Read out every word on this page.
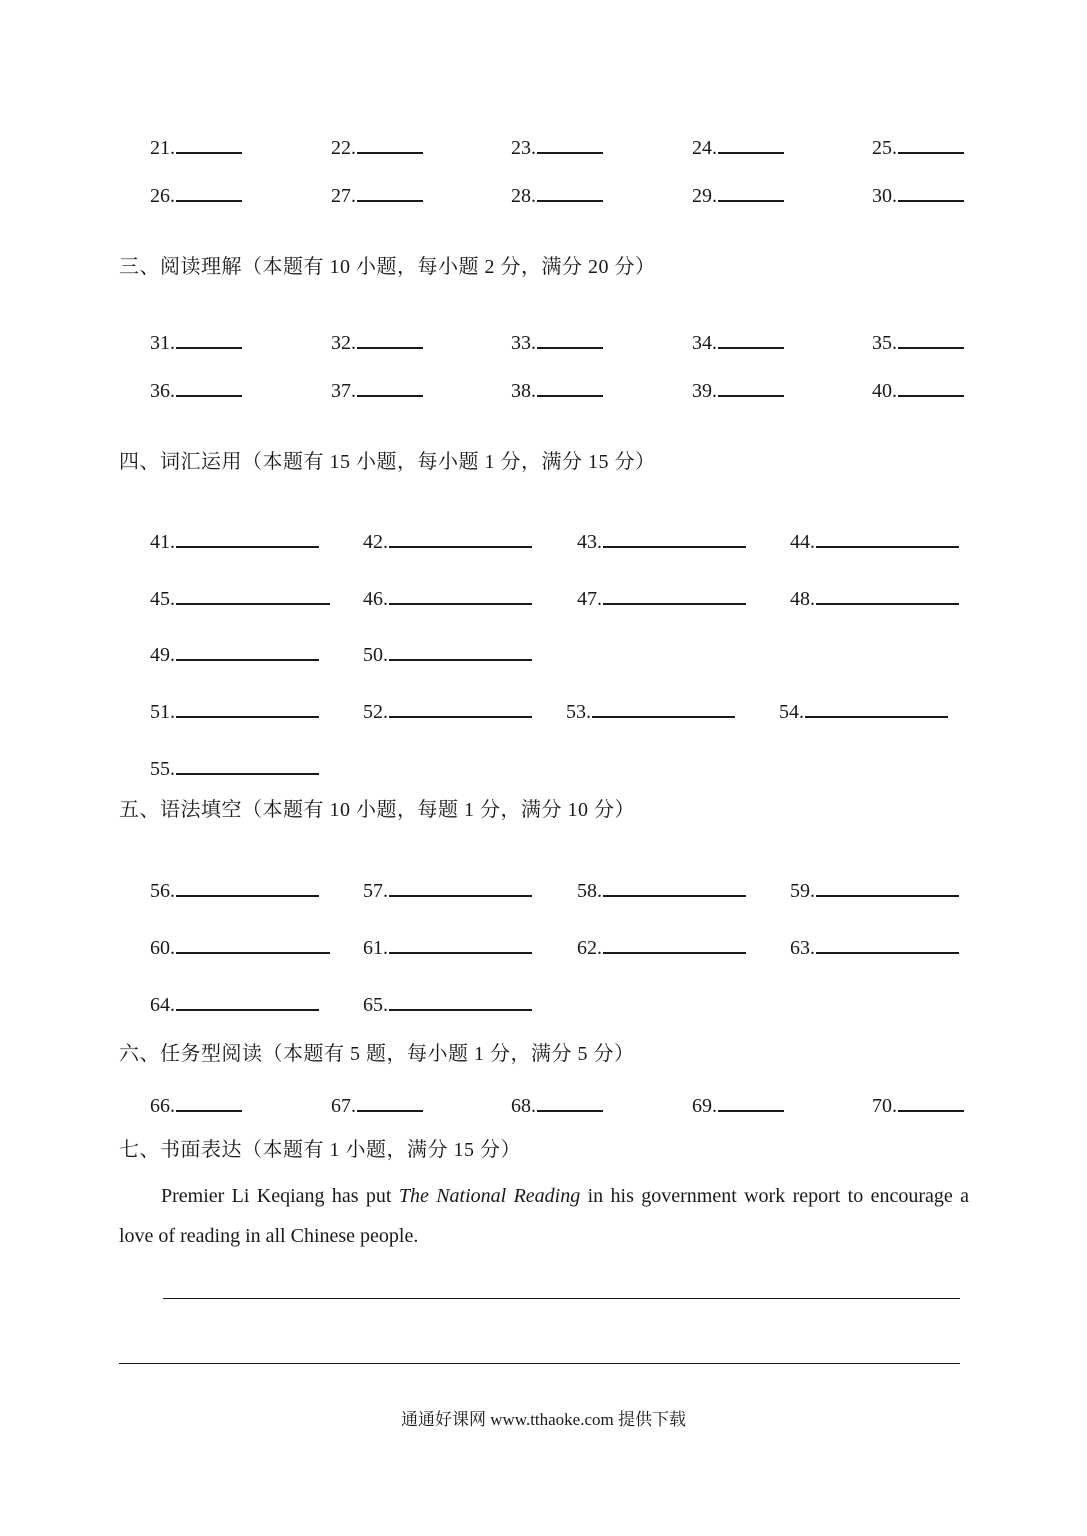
21.	22.	23.	24.	25.
26.	27.	28.	29.	30.
三、阅读理解（本题有 10 小题，每小题 2 分，满分 20 分）
31.	32.	33.	34.	35.
36.	37.	38.	39.	40.
四、词汇运用（本题有 15 小题，每小题 1 分，满分 15 分）
41.	42.	43.	44.
45.	46.	47.	48.
49.	50.
51.	52.	53.	54.
55.
五、语法填空（本题有 10 小题，每题 1 分，满分 10 分）
56.	57.	58.	59.
60.	61.	62.	63.
64.	65.
六、任务型阅读（本题有 5 题，每小题 1 分，满分 5 分）
66.	67.	68.	69.	70.
七、书面表达（本题有 1 小题，满分 15 分）
Premier Li Keqiang has put The National Reading in his government work report to encourage a love of reading in all Chinese people.
通通好课网 www.tthaoke.com 提供下载
